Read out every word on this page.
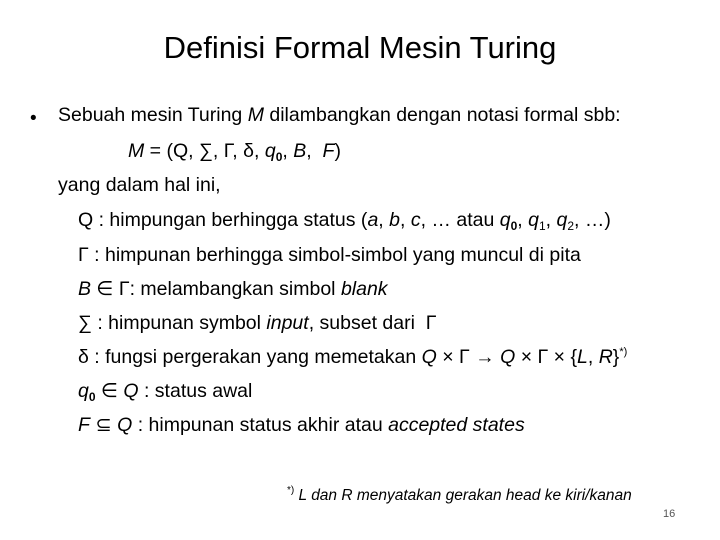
Definisi Formal Mesin Turing
• Sebuah mesin Turing M dilambangkan dengan notasi formal sbb:
M = (Q, ∑, Γ, δ, $q_0$, B,  F)
yang dalam hal ini,
Q : himpungan berhingga status (a, b, c, … atau $q_0$, $q_1$, $q_2$, …)
Γ : himpunan berhingga simbol-simbol yang muncul di pita
B ∈ Γ: melambangkan simbol blank
∑ : himpunan symbol input, subset dari  Γ
δ : fungsi pergerakan yang memetakan Q × Γ → Q × Γ × {L, R}*)
$q_0$ ∈ Q : status awal
F ⊆ Q : himpunan status akhir atau accepted states
*) L dan R menyatakan gerakan head ke kiri/kanan
16
